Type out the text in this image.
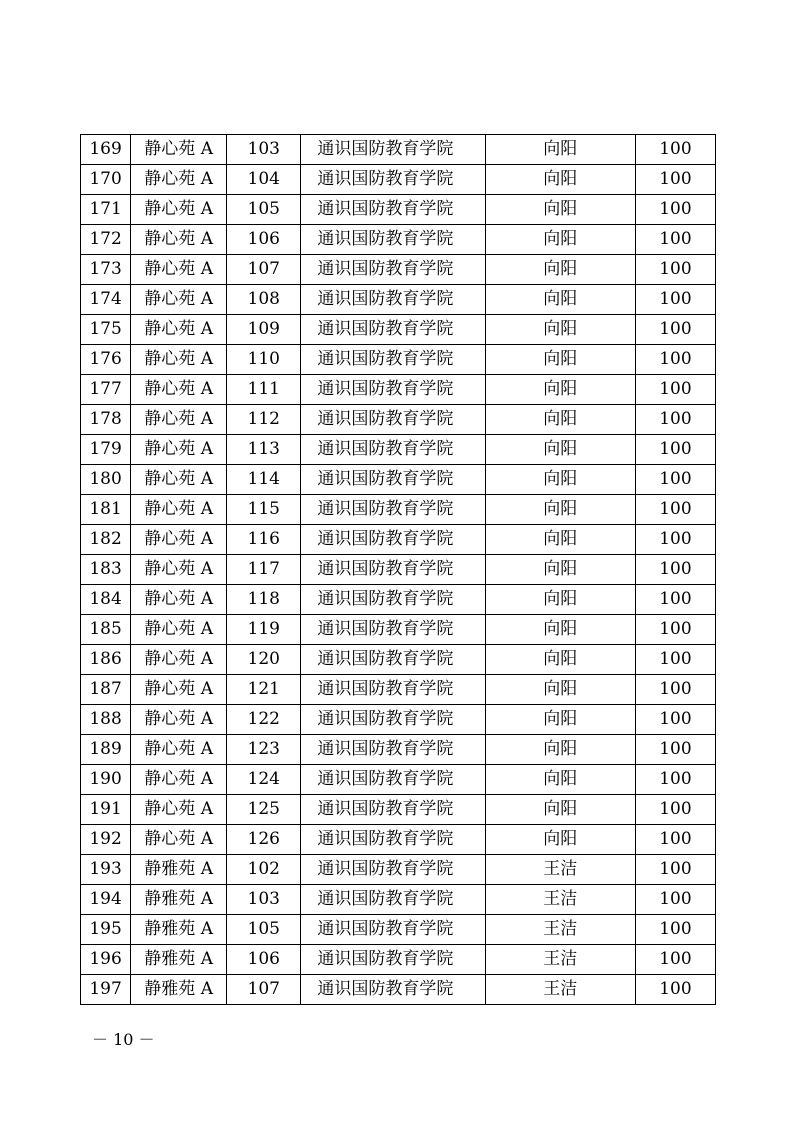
169	静心苑 A	103	通识国防教育学院	向阳	100
170	静心苑 A	104	通识国防教育学院	向阳	100
171	静心苑 A	105	通识国防教育学院	向阳	100
172	静心苑 A	106	通识国防教育学院	向阳	100
173	静心苑 A	107	通识国防教育学院	向阳	100
174	静心苑 A	108	通识国防教育学院	向阳	100
175	静心苑 A	109	通识国防教育学院	向阳	100
176	静心苑 A	110	通识国防教育学院	向阳	100
177	静心苑 A	111	通识国防教育学院	向阳	100
178	静心苑 A	112	通识国防教育学院	向阳	100
179	静心苑 A	113	通识国防教育学院	向阳	100
180	静心苑 A	114	通识国防教育学院	向阳	100
181	静心苑 A	115	通识国防教育学院	向阳	100
182	静心苑 A	116	通识国防教育学院	向阳	100
183	静心苑 A	117	通识国防教育学院	向阳	100
184	静心苑 A	118	通识国防教育学院	向阳	100
185	静心苑 A	119	通识国防教育学院	向阳	100
186	静心苑 A	120	通识国防教育学院	向阳	100
187	静心苑 A	121	通识国防教育学院	向阳	100
188	静心苑 A	122	通识国防教育学院	向阳	100
189	静心苑 A	123	通识国防教育学院	向阳	100
190	静心苑 A	124	通识国防教育学院	向阳	100
191	静心苑 A	125	通识国防教育学院	向阳	100
192	静心苑 A	126	通识国防教育学院	向阳	100
193	静雅苑 A	102	通识国防教育学院	王洁	100
194	静雅苑 A	103	通识国防教育学院	王洁	100
195	静雅苑 A	105	通识国防教育学院	王洁	100
196	静雅苑 A	106	通识国防教育学院	王洁	100
197	静雅苑 A	107	通识国防教育学院	王洁	100
－ 10 －
